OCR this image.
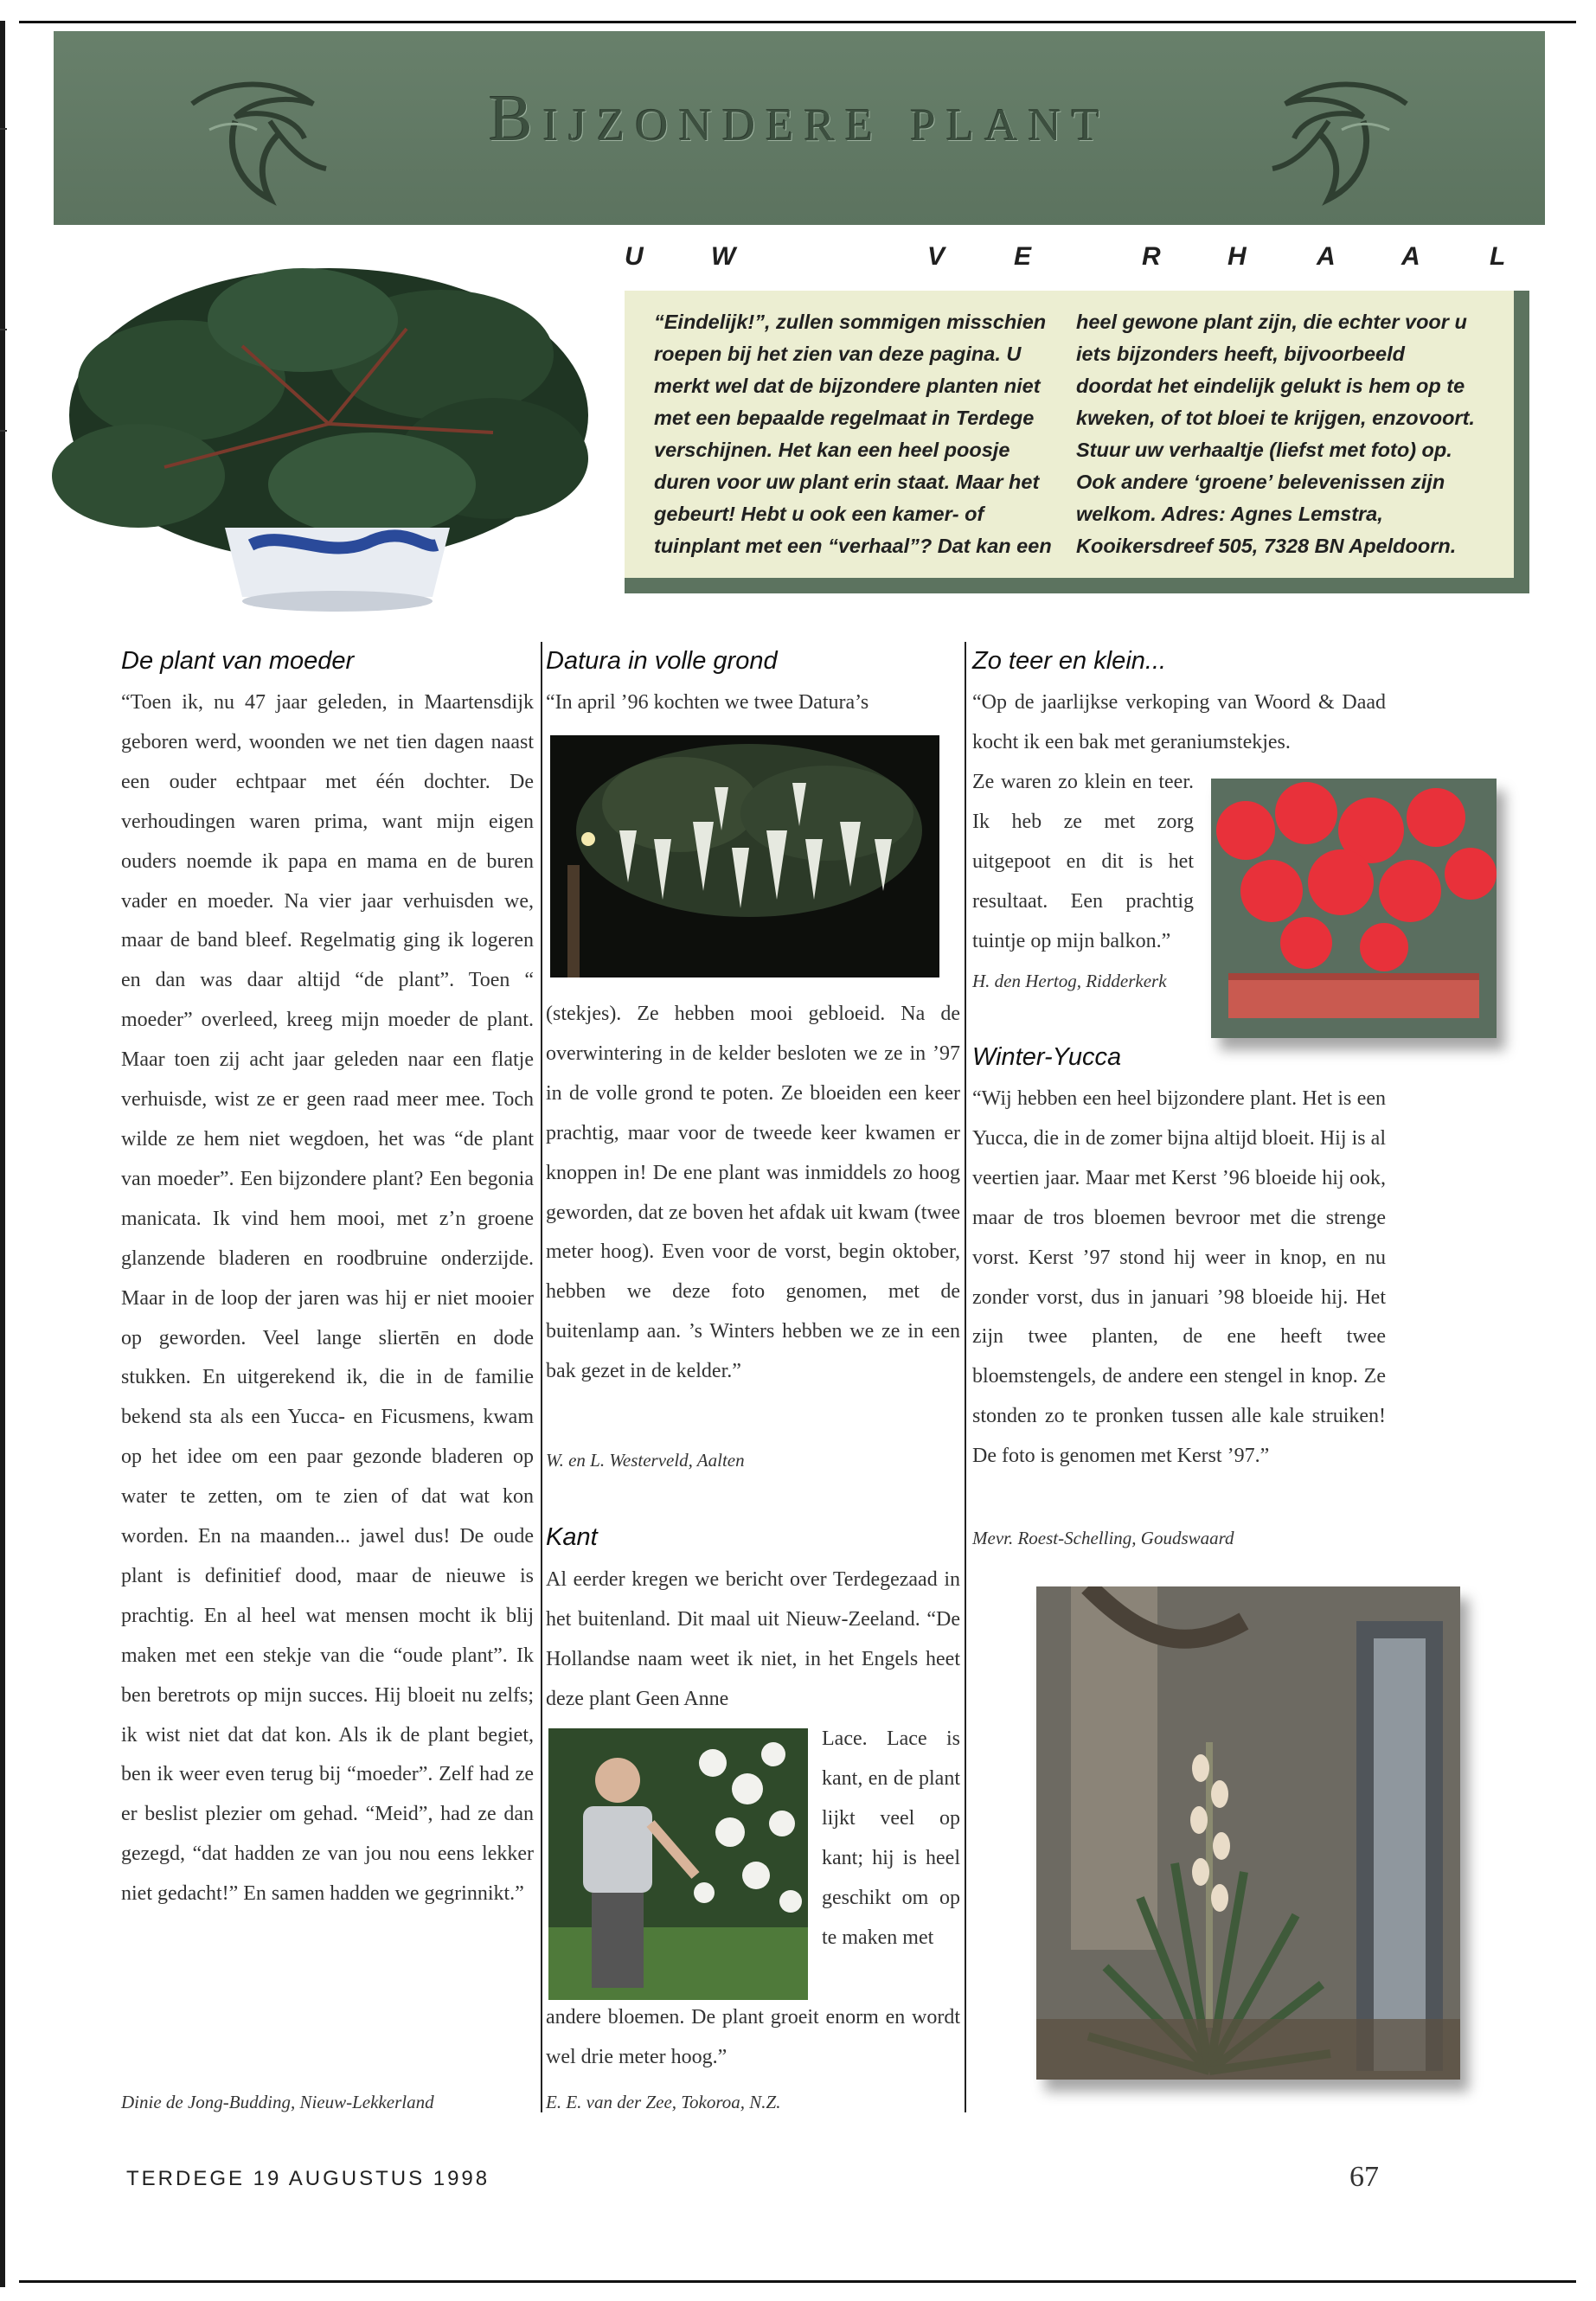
Bijzondere plant
U	W	V	E	R	H	A	A	L
“Eindelijk!”, zullen sommigen misschien roepen bij het zien van deze pagina. U merkt wel dat de bijzondere planten niet met een bepaalde regelmaat in Terdege verschijnen. Het kan een heel poosje duren voor uw plant erin staat. Maar het gebeurt! Hebt u ook een kamer- of tuinplant met een “verhaal”? Dat kan een
heel gewone plant zijn, die echter voor u iets bijzonders heeft, bijvoorbeeld doordat het eindelijk gelukt is hem op te kweken, of tot bloei te krijgen, enzovoort. Stuur uw verhaaltje (liefst met foto) op. Ook andere ‘groene’ belevenissen zijn welkom. Adres: Agnes Lemstra, Kooikersdreef 505, 7328 BN Apeldoorn.
De plant van moeder
“Toen ik, nu 47 jaar geleden, in Maartensdijk geboren werd, woonden we net tien dagen naast een ouder echtpaar met één dochter. De verhoudingen waren prima, want mijn eigen ouders noemde ik papa en mama en de buren vader en moeder. Na vier jaar verhuisden we, maar de band bleef. Regelmatig ging ik logeren en dan was daar altijd “de plant”. Toen “ moeder” overleed, kreeg mijn moeder de plant. Maar toen zij acht jaar geleden naar een flatje verhuisde, wist ze er geen raad meer mee. Toch wilde ze hem niet wegdoen, het was “de plant van moeder”. Een bijzondere plant? Een begonia manicata. Ik vind hem mooi, met z’n groene glanzende bladeren en roodbruine onderzijde. Maar in de loop der jaren was hij er niet mooier op geworden. Veel lange sliertēn en dode stukken. En uitgerekend ik, die in de familie bekend sta als een Yucca- en Ficusmens, kwam op het idee om een paar gezonde bladeren op water te zetten, om te zien of dat wat kon worden. En na maanden... jawel dus! De oude plant is definitief dood, maar de nieuwe is prachtig. En al heel wat mensen mocht ik blij maken met een stekje van die “oude plant”. Ik ben beretrots op mijn succes. Hij bloeit nu zelfs; ik wist niet dat dat kon. Als ik de plant begiet, ben ik weer even terug bij “moeder”. Zelf had ze er beslist plezier om gehad. “Meid”, had ze dan gezegd, “dat hadden ze van jou nou eens lekker niet gedacht!” En samen hadden we gegrinnikt.”
Dinie de Jong-Budding, Nieuw-Lekkerland
Datura in volle grond
“In april ’96 kochten we twee Datura’s
(stekjes). Ze hebben mooi gebloeid. Na de overwintering in de kelder besloten we ze in ’97 in de volle grond te poten. Ze bloeiden een keer prachtig, maar voor de tweede keer kwamen er knoppen in! De ene plant was inmiddels zo hoog geworden, dat ze boven het afdak uit kwam (twee meter hoog). Even voor de vorst, begin oktober, hebben we deze foto genomen, met de buitenlamp aan. ’s Winters hebben we ze in een bak gezet in de kelder.”
W. en L. Westerveld, Aalten
Kant
Al eerder kregen we bericht over Terdegezaad in het buitenland. Dit maal uit Nieuw-Zeeland. “De Hollandse naam weet ik niet, in het Engels heet deze plant Geen Anne
Lace. Lace is kant, en de plant lijkt veel op kant; hij is heel geschikt om op te maken met
andere bloemen. De plant groeit enorm en wordt wel drie meter hoog.”
E. E. van der Zee, Tokoroa, N.Z.
Zo teer en klein...
“Op de jaarlijkse verkoping van Woord & Daad kocht ik een bak met geraniumstekjes.
Ze waren zo klein en teer. Ik heb ze met zorg uitgepoot en dit is het resultaat. Een prachtig tuintje op mijn balkon.”
H. den Hertog, Ridderkerk
Winter-Yucca
“Wij hebben een heel bijzondere plant. Het is een Yucca, die in de zomer bijna altijd bloeit. Hij is al veertien jaar. Maar met Kerst ’96 bloeide hij ook, maar de tros bloemen bevroor met die strenge vorst. Kerst ’97 stond hij weer in knop, en nu zonder vorst, dus in januari ’98 bloeide hij. Het zijn twee planten, de ene heeft twee bloemstengels, de andere een stengel in knop. Ze stonden zo te pronken tussen alle kale struiken! De foto is genomen met Kerst ’97.”
Mevr. Roest-Schelling, Goudswaard
TERDEGE 19 AUGUSTUS 1998	67
